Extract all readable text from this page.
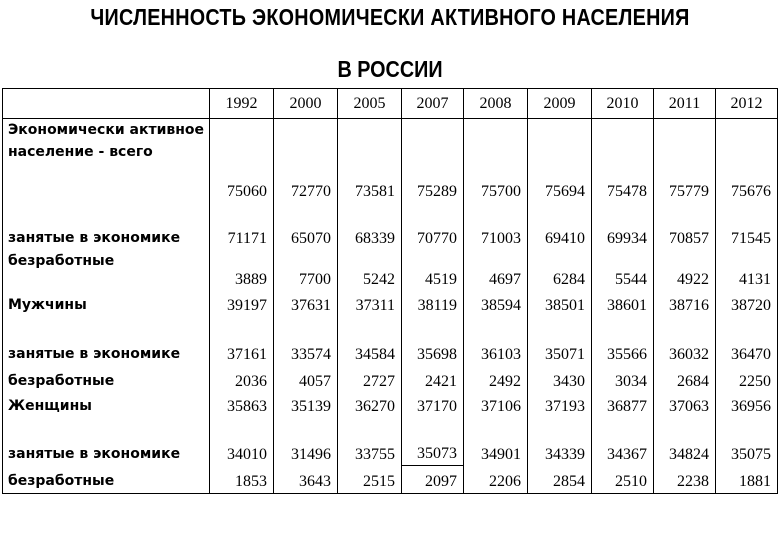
ЧИСЛЕННОСТЬ ЭКОНОМИЧЕСКИ АКТИВНОГО НАСЕЛЕНИЯ
В РОССИИ
	1992	2000	2005	2007	2008	2009	2010	2011	2012
Экономически активное население - всего	75060	72770	73581	75289	75700	75694	75478	75779	75676
занятые в экономике	71171	65070	68339	70770	71003	69410	69934	70857	71545
безработные	3889	7700	5242	4519	4697	6284	5544	4922	4131
Мужчины	39197	37631	37311	38119	38594	38501	38601	38716	38720
занятые в экономике	37161	33574	34584	35698	36103	35071	35566	36032	36470
безработные	2036	4057	2727	2421	2492	3430	3034	2684	2250
Женщины	35863	35139	36270	37170	37106	37193	36877	37063	36956
занятые в экономике	34010	31496	33755	35073	34901	34339	34367	34824	35075
безработные	1853	3643	2515	2097	2206	2854	2510	2238	1881
